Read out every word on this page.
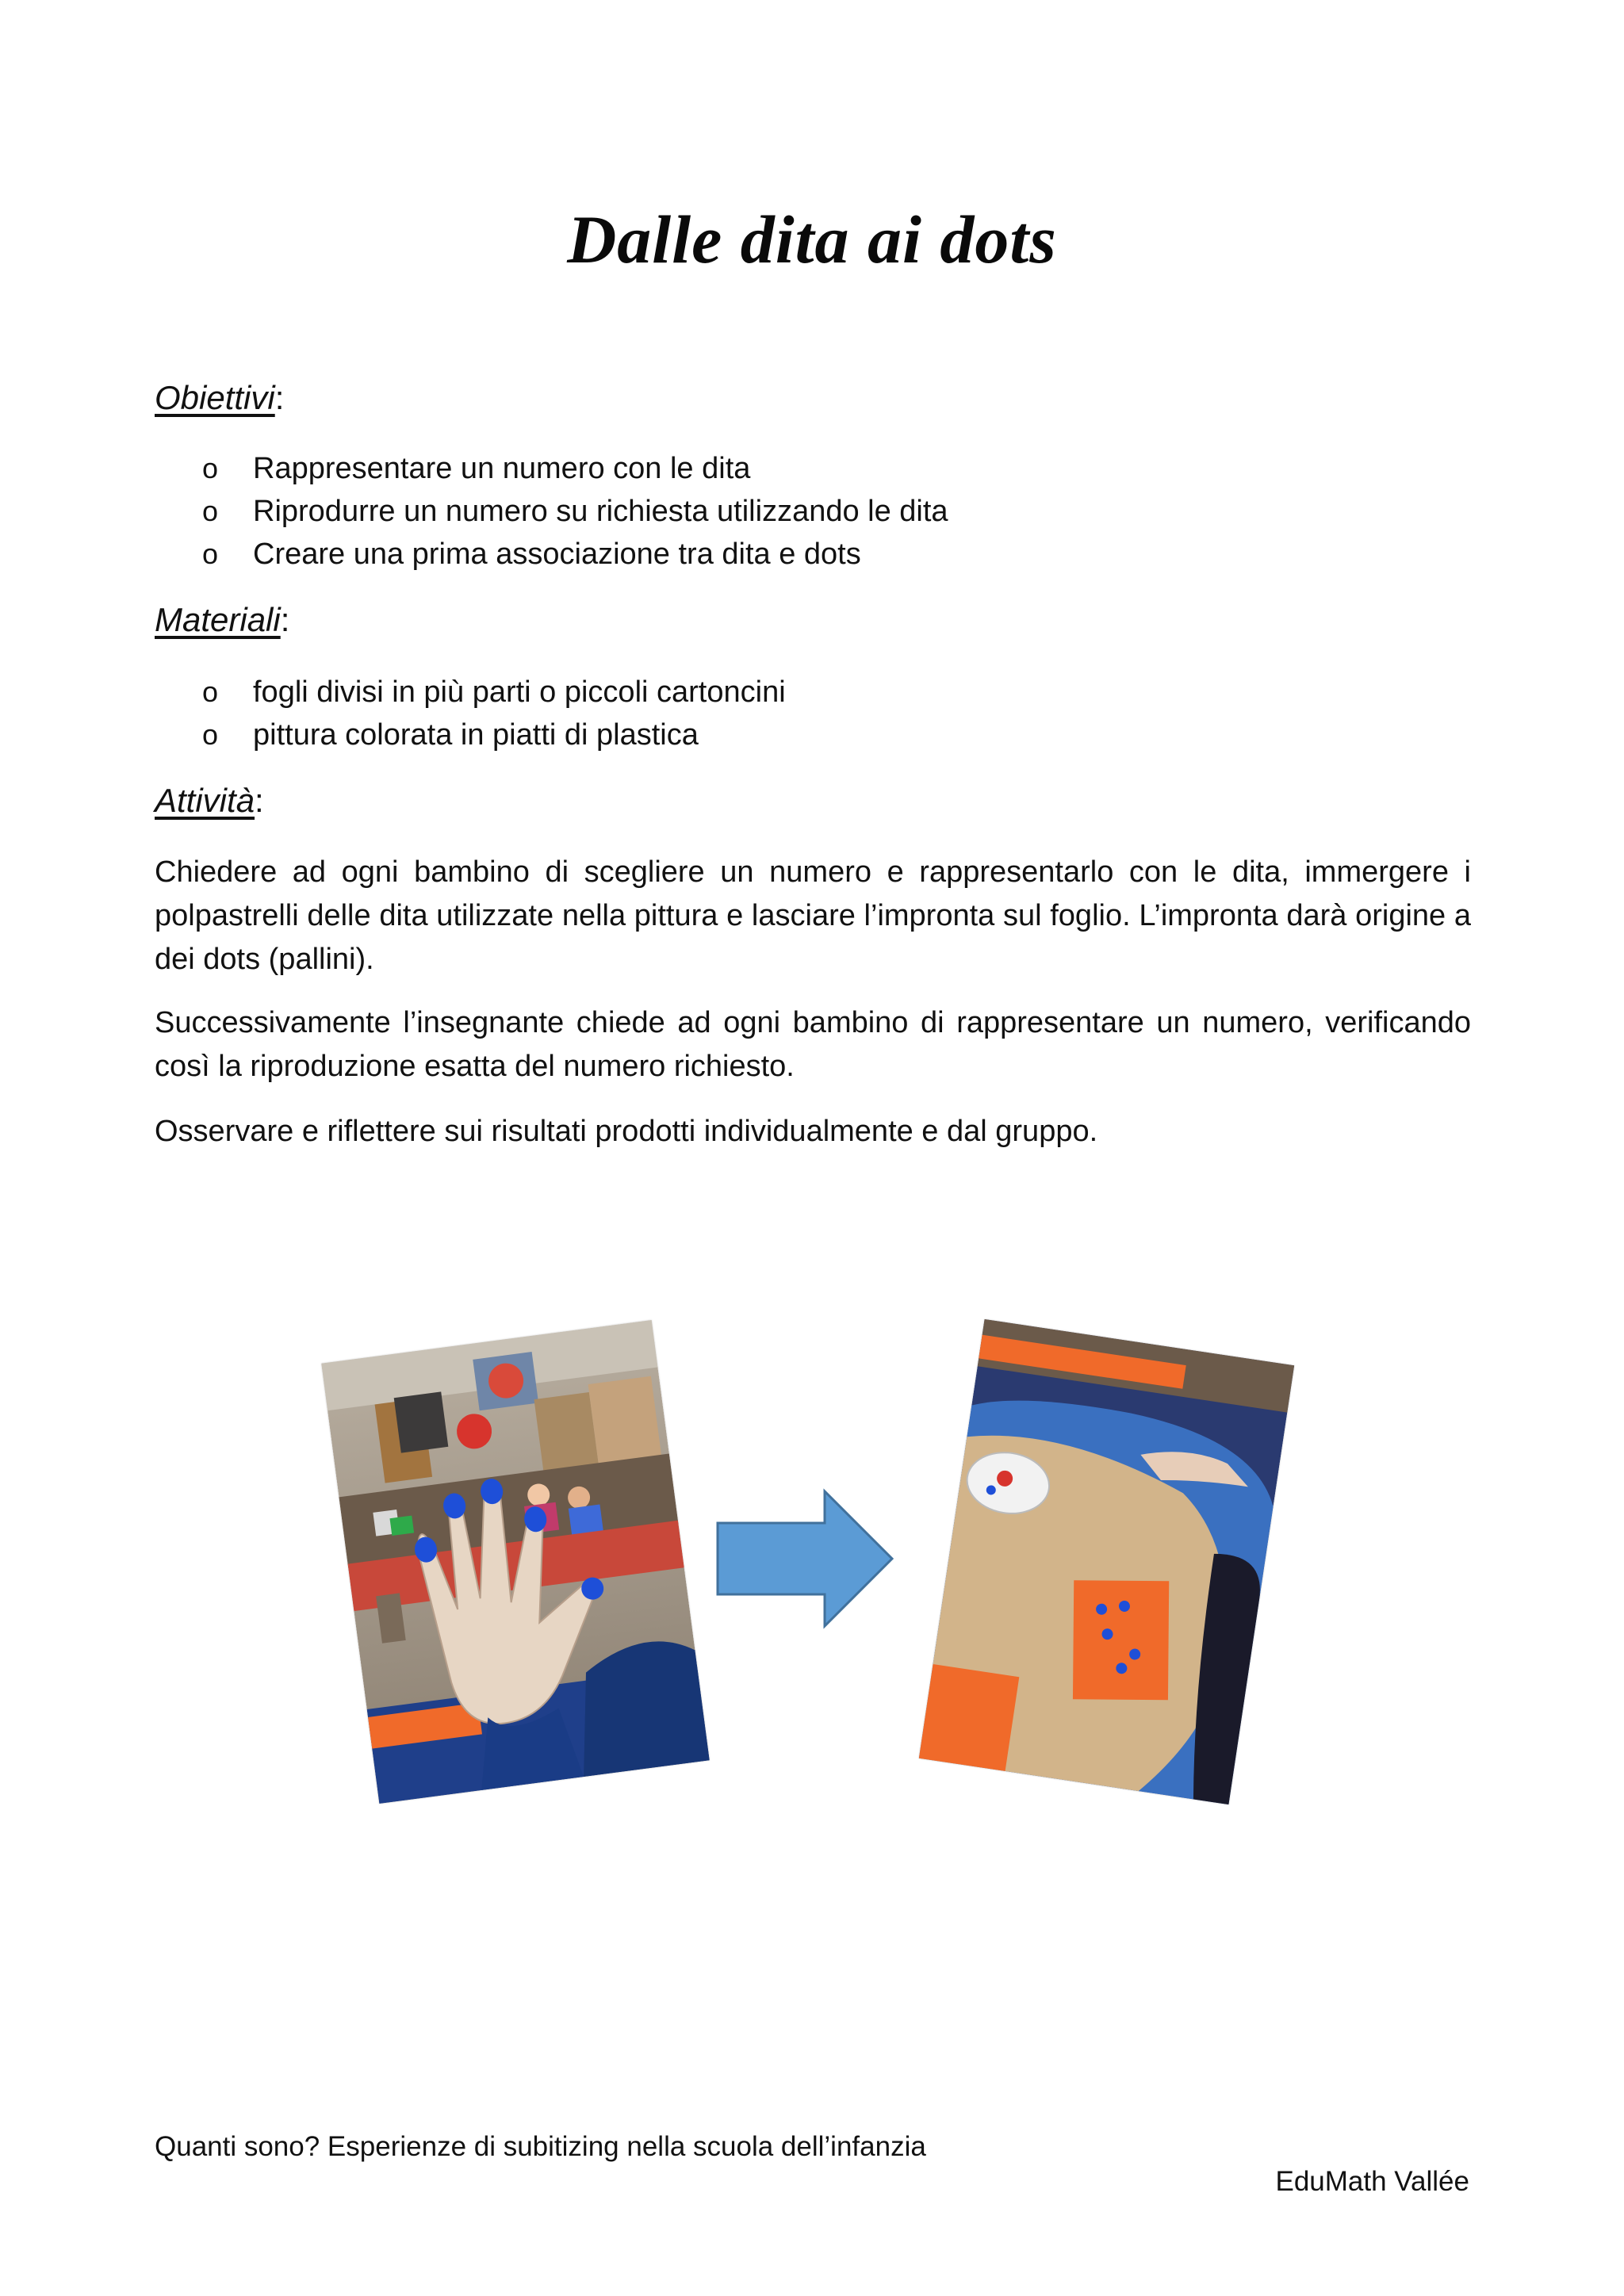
Dalle dita ai dots
Obiettivi:
o Rappresentare un numero con le dita
o Riprodurre un numero su richiesta utilizzando le dita
o Creare una prima associazione tra dita e dots
Materiali:
o fogli divisi in più parti o piccoli cartoncini
o pittura colorata in piatti di plastica
Attività:

Chiedere ad ogni bambino di scegliere un numero e rappresentarlo con le dita, immergere i polpastrelli delle dita utilizzate nella pittura e lasciare l’impronta sul foglio. L’impronta darà origine a dei dots (pallini).

Successivamente l’insegnante chiede ad ogni bambino di rappresentare un numero, verificando così la riproduzione esatta del numero richiesto.

Osservare e riflettere sui risultati prodotti individualmente e dal gruppo.

Quanti sono? Esperienze di subitizing nella scuola dell’infanzia
EduMath Vallée
